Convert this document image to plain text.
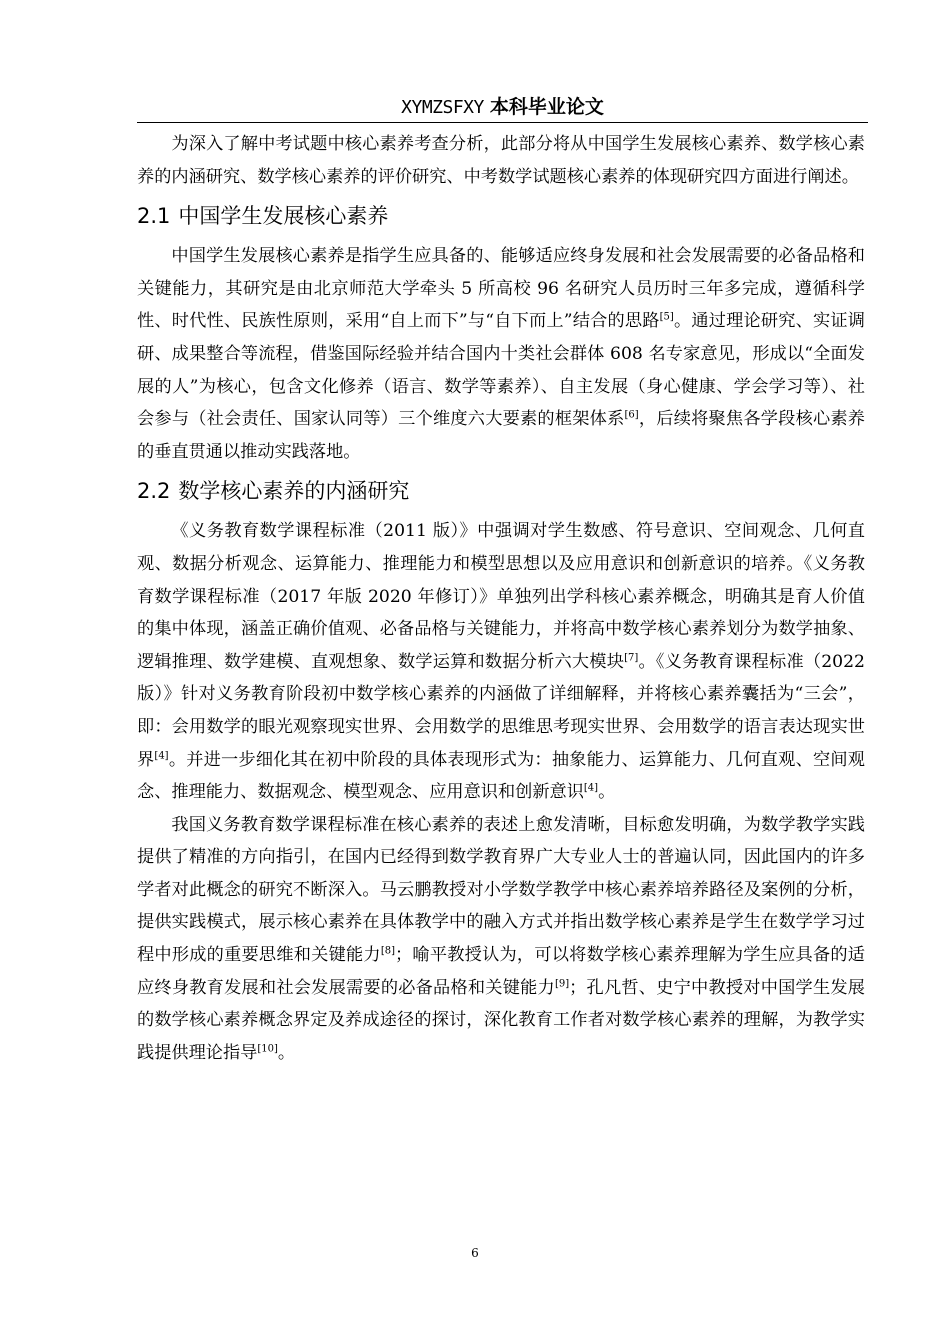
XYMZSFXY 本科毕业论文

为深入了解中考试题中核心素养考查分析，此部分将从中国学生发展核心素养、数学核心素养的内涵研究、数学核心素养的评价研究、中考数学试题核心素养的体现研究四方面进行阐述。

2.1 中国学生发展核心素养

中国学生发展核心素养是指学生应具备的、能够适应终身发展和社会发展需要的必备品格和关键能力，其研究是由北京师范大学牵头 5 所高校 96 名研究人员历时三年多完成，遵循科学性、时代性、民族性原则，采用“自上而下”与“自下而上”结合的思路[5]。通过理论研究、实证调研、成果整合等流程，借鉴国际经验并结合国内十类社会群体 608 名专家意见，形成以“全面发展的人”为核心，包含文化修养（语言、数学等素养）、自主发展（身心健康、学会学习等）、社会参与（社会责任、国家认同等）三个维度六大要素的框架体系[6]，后续将聚焦各学段核心素养的垂直贯通以推动实践落地。

2.2 数学核心素养的内涵研究

《义务教育数学课程标准（2011 版）》中强调对学生数感、符号意识、空间观念、几何直观、数据分析观念、运算能力、推理能力和模型思想以及应用意识和创新意识的培养。《义务教育数学课程标准（2017 年版 2020 年修订）》单独列出学科核心素养概念，明确其是育人价值的集中体现，涵盖正确价值观、必备品格与关键能力，并将高中数学核心素养划分为数学抽象、逻辑推理、数学建模、直观想象、数学运算和数据分析六大模块[7]。《义务教育课程标准（2022 版）》针对义务教育阶段初中数学核心素养的内涵做了详细解释，并将核心素养囊括为“三会”，即：会用数学的眼光观察现实世界、会用数学的思维思考现实世界、会用数学的语言表达现实世界[4]。并进一步细化其在初中阶段的具体表现形式为：抽象能力、运算能力、几何直观、空间观念、推理能力、数据观念、模型观念、应用意识和创新意识[4]。

我国义务教育数学课程标准在核心素养的表述上愈发清晰，目标愈发明确，为数学教学实践提供了精准的方向指引，在国内已经得到数学教育界广大专业人士的普遍认同，因此国内的许多学者对此概念的研究不断深入。马云鹏教授对小学数学教学中核心素养培养路径及案例的分析，提供实践模式，展示核心素养在具体教学中的融入方式并指出数学核心素养是学生在数学学习过程中形成的重要思维和关键能力[8]；喻平教授认为，可以将数学核心素养理解为学生应具备的适应终身教育发展和社会发展需要的必备品格和关键能力[9]；孔凡哲、史宁中教授对中国学生发展的数学核心素养概念界定及养成途径的探讨，深化教育工作者对数学核心素养的理解，为教学实践提供理论指导[10]。

6
